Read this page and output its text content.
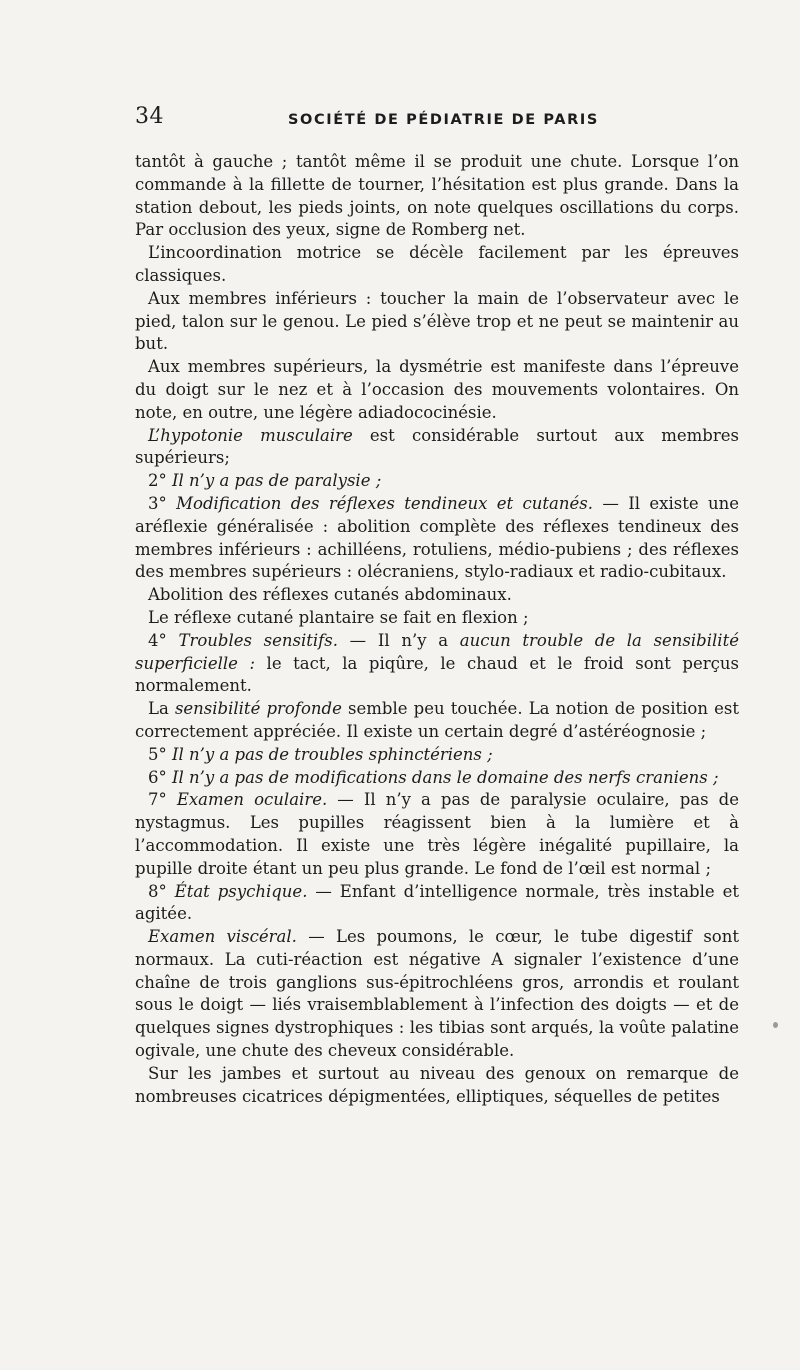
34	SOCIÉTÉ DE PÉDIATRIE DE PARIS

tantôt à gauche ; tantôt même il se produit une chute. Lorsque l’on commande à la fillette de tourner, l’hésitation est plus grande. Dans la station debout, les pieds joints, on note quelques oscillations du corps. Par occlusion des yeux, signe de Romberg net.

L’incoordination motrice se décèle facilement par les épreuves classiques.

Aux membres inférieurs : toucher la main de l’observateur avec le pied, talon sur le genou. Le pied s’élève trop et ne peut se maintenir au but.

Aux membres supérieurs, la dysmétrie est manifeste dans l’épreuve du doigt sur le nez et à l’occasion des mouvements volontaires. On note, en outre, une légère adiadococinésie.

L’hypotonie musculaire est considérable surtout aux membres supérieurs;

2° Il n’y a pas de paralysie ;

3° Modification des réflexes tendineux et cutanés. — Il existe une aréflexie généralisée : abolition complète des réflexes tendineux des membres inférieurs : achilléens, rotuliens, médio-pubiens ; des réflexes des membres supérieurs : olécraniens, stylo-radiaux et radio-cubitaux.

Abolition des réflexes cutanés abdominaux.

Le réflexe cutané plantaire se fait en flexion ;

4° Troubles sensitifs. — Il n’y a aucun trouble de la sensibilité superficielle : le tact, la piqûre, le chaud et le froid sont perçus normalement.

La sensibilité profonde semble peu touchée. La notion de position est correctement appréciée. Il existe un certain degré d’astéréognosie ;

5° Il n’y a pas de troubles sphinctériens ;

6° Il n’y a pas de modifications dans le domaine des nerfs craniens ;

7° Examen oculaire. — Il n’y a pas de paralysie oculaire, pas de nystagmus. Les pupilles réagissent bien à la lumière et à l’accommodation. Il existe une très légère inégalité pupillaire, la pupille droite étant un peu plus grande. Le fond de l’œil est normal ;

8° État psychique. — Enfant d’intelligence normale, très instable et agitée.

Examen viscéral. — Les poumons, le cœur, le tube digestif sont normaux. La cuti-réaction est négative A signaler l’existence d’une chaîne de trois ganglions sus-épitrochléens gros, arrondis et roulant sous le doigt — liés vraisemblablement à l’infection des doigts — et de quelques signes dystrophiques : les tibias sont arqués, la voûte palatine ogivale, une chute des cheveux considérable.

Sur les jambes et surtout au niveau des genoux on remarque de nombreuses cicatrices dépigmentées, elliptiques, séquelles de petites
